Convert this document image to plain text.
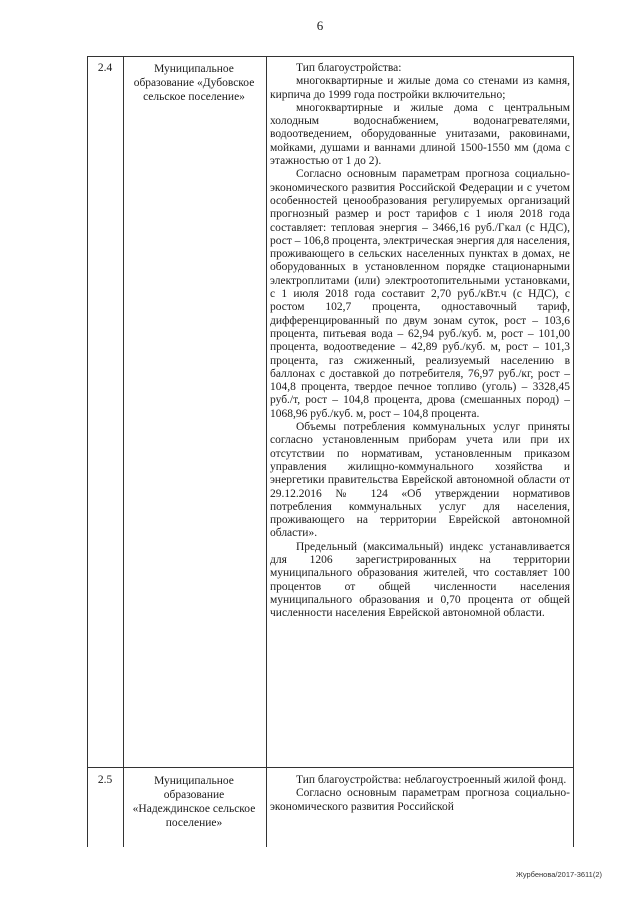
6
2.4	Муниципальное образование «Дубовское сельское поселение»

Тип благоустройства:

многоквартирные и жилые дома со стенами из камня, кирпича до 1999 года постройки включительно;

многоквартирные и жилые дома с центральным холодным водоснабжением, водонагревателями, водоотведением, оборудованные унитазами, раковинами, мойками, душами и ваннами длиной 1500-1550 мм (дома с этажностью от 1 до 2).

Согласно основным параметрам прогноза социально-экономического развития Российской Федерации и с учетом особенностей ценообразования регулируемых организаций прогнозный размер и рост тарифов с 1 июля 2018 года составляет: тепловая энергия – 3466,16 руб./Гкал (с НДС), рост – 106,8 процента, электрическая энергия для населения, проживающего в сельских населенных пунктах в домах, не оборудованных в установленном порядке стационарными электроплитами (или) электроотопительными установками, с 1 июля 2018 года составит 2,70 руб./кВт.ч (с НДС), с ростом 102,7 процента, одноставочный тариф, дифференцированный по двум зонам суток, рост – 103,6 процента, питьевая вода – 62,94 руб./куб. м, рост – 101,00 процента, водоотведение – 42,89 руб./куб. м, рост – 101,3 процента, газ сжиженный, реализуемый населению в баллонах с доставкой до потребителя, 76,97 руб./кг, рост – 104,8 процента, твердое печное топливо (уголь) – 3328,45 руб./т, рост – 104,8 процента, дрова (смешанных пород) – 1068,96 руб./куб. м, рост – 104,8 процента.

Объемы потребления коммунальных услуг приняты согласно установленным приборам учета или при их отсутствии по нормативам, установленным приказом управления жилищно-коммунального хозяйства и энергетики правительства Еврейской автономной области от 29.12.2016 № 124 «Об утверждении нормативов потребления коммунальных услуг для населения, проживающего на территории Еврейской автономной области».

Предельный (максимальный) индекс устанавливается для 1206 зарегистрированных на территории муниципального образования жителей, что составляет 100 процентов от общей численности населения муниципального образования и 0,70 процента от общей численности населения Еврейской автономной области.

2.5	Муниципальное образование «Надеждинское сельское поселение»

Тип благоустройства: неблагоустроенный жилой фонд.

Согласно основным параметрам прогноза социально-экономического развития Российской

Журбенова/2017-3611(2)
